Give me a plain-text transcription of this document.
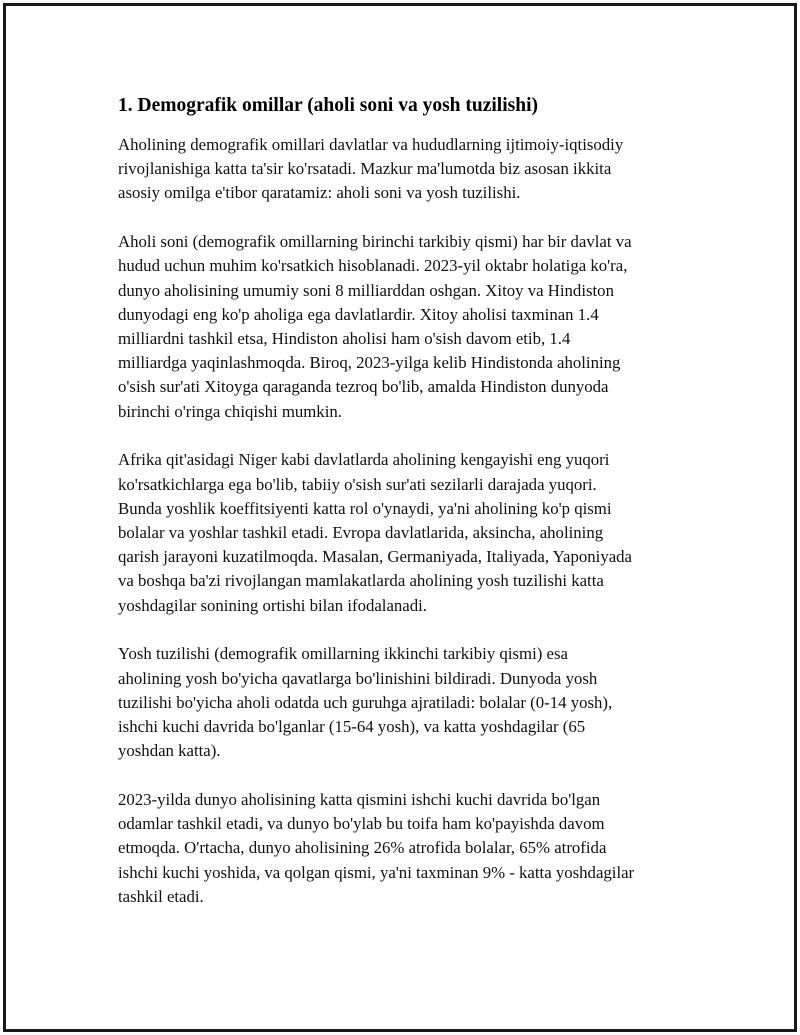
1. Demografik omillar (aholi soni va yosh tuzilishi)

Aholining demografik omillari davlatlar va hududlarning ijtimoiy-iqtisodiy
rivojlanishiga katta ta'sir ko'rsatadi. Mazkur ma'lumotda biz asosan ikkita
asosiy omilga e'tibor qaratamiz: aholi soni va yosh tuzilishi.

Aholi soni (demografik omillarning birinchi tarkibiy qismi) har bir davlat va
hudud uchun muhim ko'rsatkich hisoblanadi. 2023-yil oktabr holatiga ko'ra,
dunyo aholisining umumiy soni 8 milliarddan oshgan. Xitoy va Hindiston
dunyodagi eng ko'p aholiga ega davlatlardir. Xitoy aholisi taxminan 1.4
milliardni tashkil etsa, Hindiston aholisi ham o'sish davom etib, 1.4
milliardga yaqinlashmoqda. Biroq, 2023-yilga kelib Hindistonda aholining
o'sish sur'ati Xitoyga qaraganda tezroq bo'lib, amalda Hindiston dunyoda
birinchi o'ringa chiqishi mumkin.

Afrika qit'asidagi Niger kabi davlatlarda aholining kengayishi eng yuqori
ko'rsatkichlarga ega bo'lib, tabiiy o'sish sur'ati sezilarli darajada yuqori.
Bunda yoshlik koeffitsiyenti katta rol o'ynaydi, ya'ni aholining ko'p qismi
bolalar va yoshlar tashkil etadi. Evropa davlatlarida, aksincha, aholining
qarish jarayoni kuzatilmoqda. Masalan, Germaniyada, Italiyada, Yaponiyada
va boshqa ba'zi rivojlangan mamlakatlarda aholining yosh tuzilishi katta
yoshdagilar sonining ortishi bilan ifodalanadi.

Yosh tuzilishi (demografik omillarning ikkinchi tarkibiy qismi) esa
aholining yosh bo'yicha qavatlarga bo'linishini bildiradi. Dunyoda yosh
tuzilishi bo'yicha aholi odatda uch guruhga ajratiladi: bolalar (0-14 yosh),
ishchi kuchi davrida bo'lganlar (15-64 yosh), va katta yoshdagilar (65
yoshdan katta).

2023-yilda dunyo aholisining katta qismini ishchi kuchi davrida bo'lgan
odamlar tashkil etadi, va dunyo bo'ylab bu toifa ham ko'payishda davom
etmoqda. O'rtacha, dunyo aholisining 26% atrofida bolalar, 65% atrofida
ishchi kuchi yoshida, va qolgan qismi, ya'ni taxminan 9% - katta yoshdagilar
tashkil etadi.
